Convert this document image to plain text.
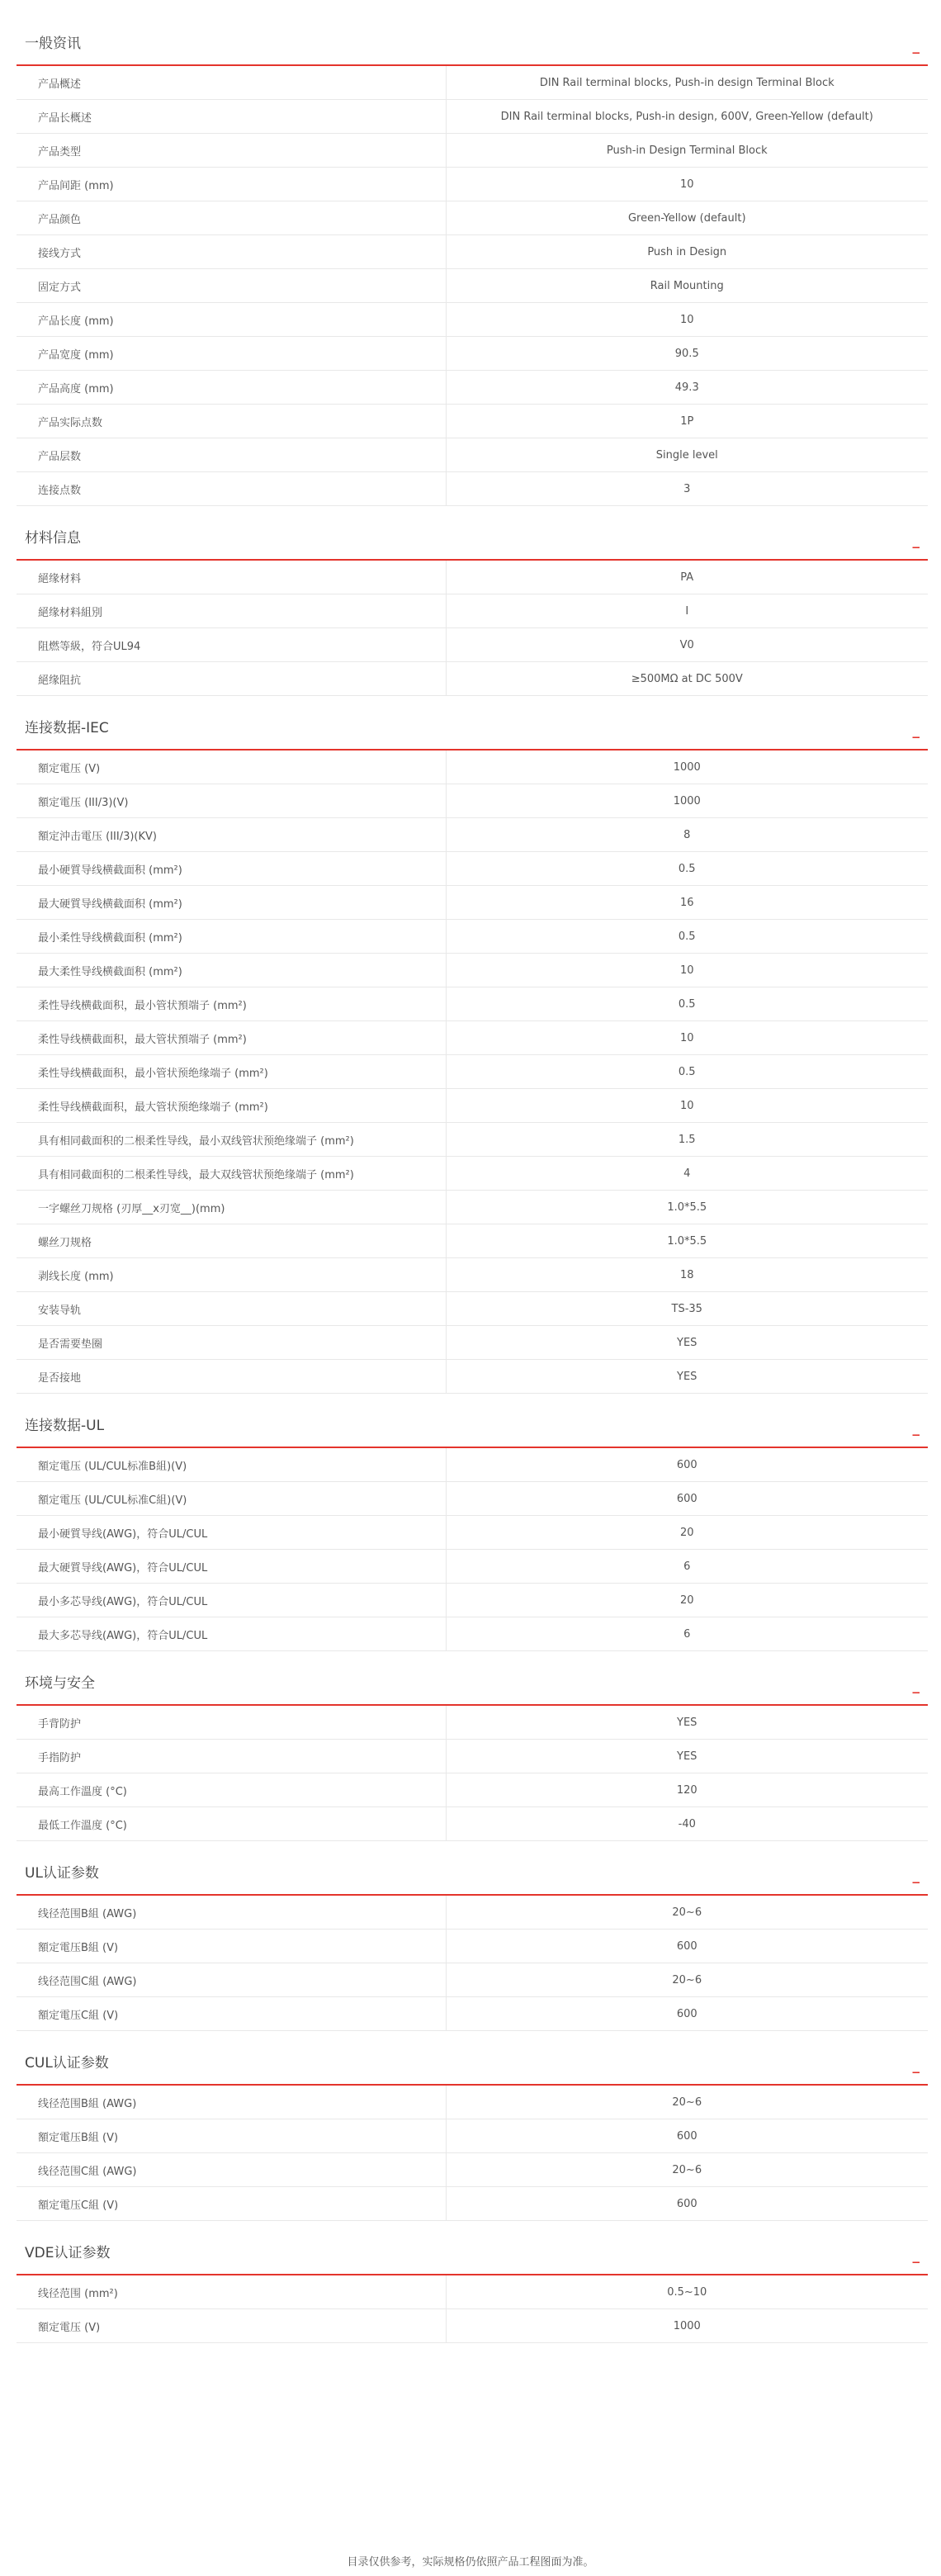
一般资讯	_
产品概述	DIN Rail terminal blocks, Push-in design Terminal Block
产品长概述	DIN Rail terminal blocks, Push-in design, 600V, Green-Yellow (default)
产品类型	Push-in Design Terminal Block
产品间距 (mm)	10
产品颜色	Green-Yellow (default)
接线方式	Push in Design
固定方式	Rail Mounting
产品长度 (mm)	10
产品宽度 (mm)	90.5
产品高度 (mm)	49.3
产品实际点数	1P
产品层数	Single level
连接点数	3
材料信息	_
絕缘材料	PA
絕缘材料組別	I
阻燃等級，符合UL94	V0
絕缘阻抗	≥500MΩ at DC 500V
连接数据-IEC	_
額定電压 (V)	1000
額定電压 (III/3)(V)	1000
額定沖击電压 (III/3)(KV)	8
最小硬質导线横截面积 (mm²)	0.5
最大硬質导线横截面积 (mm²)	16
最小柔性导线横截面积 (mm²)	0.5
最大柔性导线横截面积 (mm²)	10
柔性导线横截面积，最小管状預端子 (mm²)	0.5
柔性导线横截面积，最大管状預端子 (mm²)	10
柔性导线横截面积，最小管状预绝缘端子 (mm²)	0.5
柔性导线横截面积，最大管状预绝缘端子 (mm²)	10
具有相同截面积的二根柔性导线，最小双线管状预绝缘端子 (mm²)	1.5
具有相同截面积的二根柔性导线，最大双线管状预绝缘端子 (mm²)	4
一字螺丝刀规格 (刃厚__x刃宽__)(mm)	1.0*5.5
螺丝刀规格	1.0*5.5
剥线长度 (mm)	18
安装导轨	TS-35
是否需要垫圈	YES
是否接地	YES
连接数据-UL	_
額定電压 (UL/CUL标准B組)(V)	600
額定電压 (UL/CUL标准C組)(V)	600
最小硬質导线(AWG)，符合UL/CUL	20
最大硬質导线(AWG)，符合UL/CUL	6
最小多芯导线(AWG)，符合UL/CUL	20
最大多芯导线(AWG)，符合UL/CUL	6
环境与安全	_
手背防护	YES
手指防护	YES
最高工作溫度 (°C)	120
最低工作溫度 (°C)	-40
UL认证参数	_
线径范围B組 (AWG)	20~6
額定電压B組 (V)	600
线径范围C組 (AWG)	20~6
額定電压C組 (V)	600
CUL认证参数	_
线径范围B組 (AWG)	20~6
額定電压B組 (V)	600
线径范围C組 (AWG)	20~6
額定電压C組 (V)	600
VDE认证参数	_
线径范围 (mm²)	0.5~10
額定電压 (V)	1000
目录仅供参考，实际规格仍依照产品工程图面为准。
